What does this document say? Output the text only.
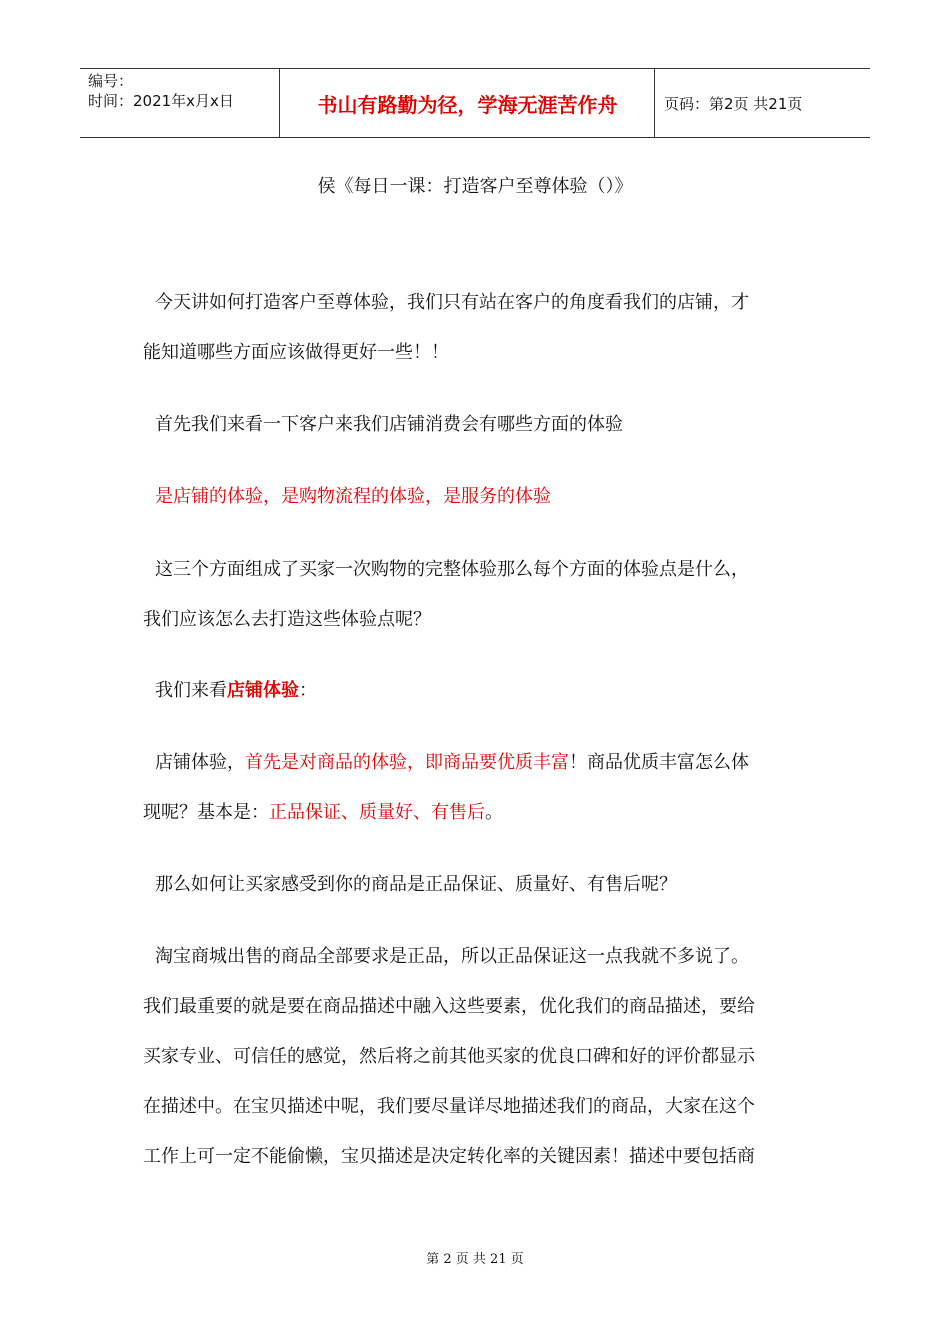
编号：
时间：2021年x月x日	书山有路勤为径，学海无涯苦作舟	页码：第2页 共21页
侯《每日一课：打造客户至尊体验（）》
今天讲如何打造客户至尊体验，我们只有站在客户的角度看我们的店铺，才
能知道哪些方面应该做得更好一些！！
首先我们来看一下客户来我们店铺消费会有哪些方面的体验
是店铺的体验，是购物流程的体验，是服务的体验
这三个方面组成了买家一次购物的完整体验那么每个方面的体验点是什么，
我们应该怎么去打造这些体验点呢？
我们来看店铺体验：
店铺体验，首先是对商品的体验，即商品要优质丰富！商品优质丰富怎么体
现呢？基本是：正品保证、质量好、有售后。
那么如何让买家感受到你的商品是正品保证、质量好、有售后呢？
淘宝商城出售的商品全部要求是正品，所以正品保证这一点我就不多说了。
我们最重要的就是要在商品描述中融入这些要素，优化我们的商品描述，要给
买家专业、可信任的感觉，然后将之前其他买家的优良口碑和好的评价都显示
在描述中。在宝贝描述中呢，我们要尽量详尽地描述我们的商品，大家在这个
工作上可一定不能偷懒，宝贝描述是决定转化率的关键因素！描述中要包括商
第 2 页 共 21 页
